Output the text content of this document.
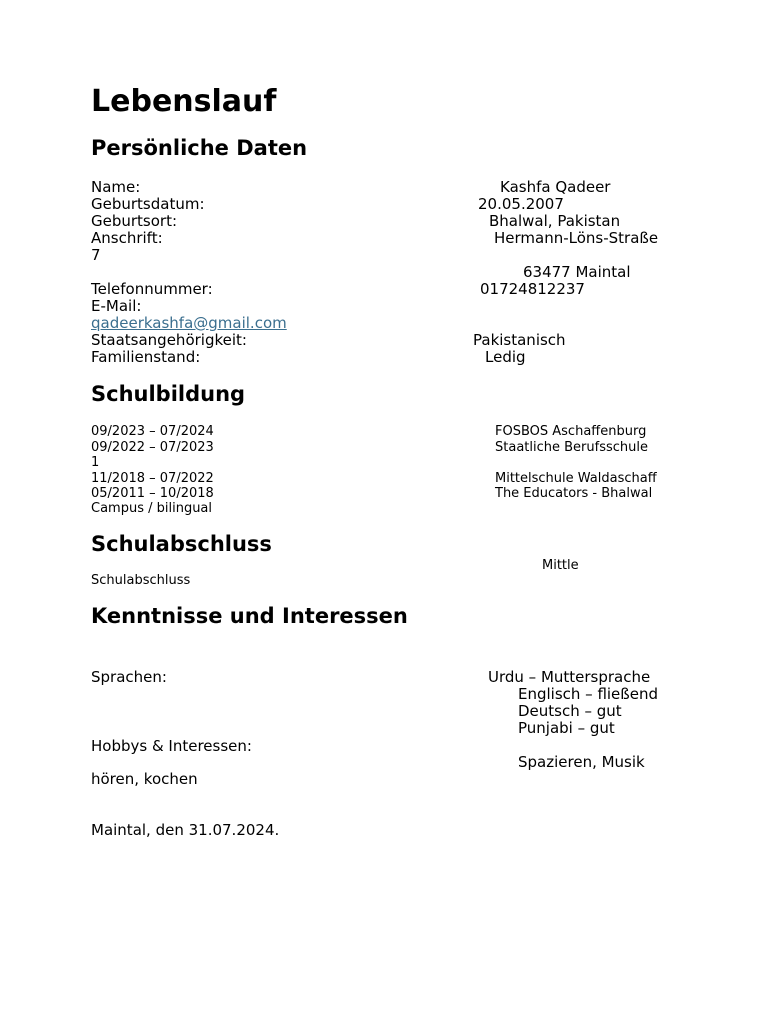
Lebenslauf
Persönliche Daten
Name:	Kashfa Qadeer
Geburtsdatum:	20.05.2007
Geburtsort:	Bhalwal, Pakistan
Anschrift:	Hermann-Löns-Straße
7
63477 Maintal
Telefonnummer:	01724812237
E-Mail:
qadeerkashfa@gmail.com
Staatsangehörigkeit:	Pakistanisch
Familienstand:	Ledig
Schulbildung
09/2023 – 07/2024	FOSBOS Aschaffenburg
09/2022 – 07/2023	Staatliche Berufsschule
1
11/2018 – 07/2022	Mittelschule Waldaschaff
05/2011 – 10/2018	The Educators - Bhalwal
Campus / bilingual
Schulabschluss
Mittle
Schulabschluss
Kenntnisse und Interessen
Sprachen:	Urdu – Muttersprache
Englisch – fließend
Deutsch – gut
Punjabi – gut
Hobbys & Interessen:
Spazieren, Musik
hören, kochen
Maintal, den 31.07.2024.
